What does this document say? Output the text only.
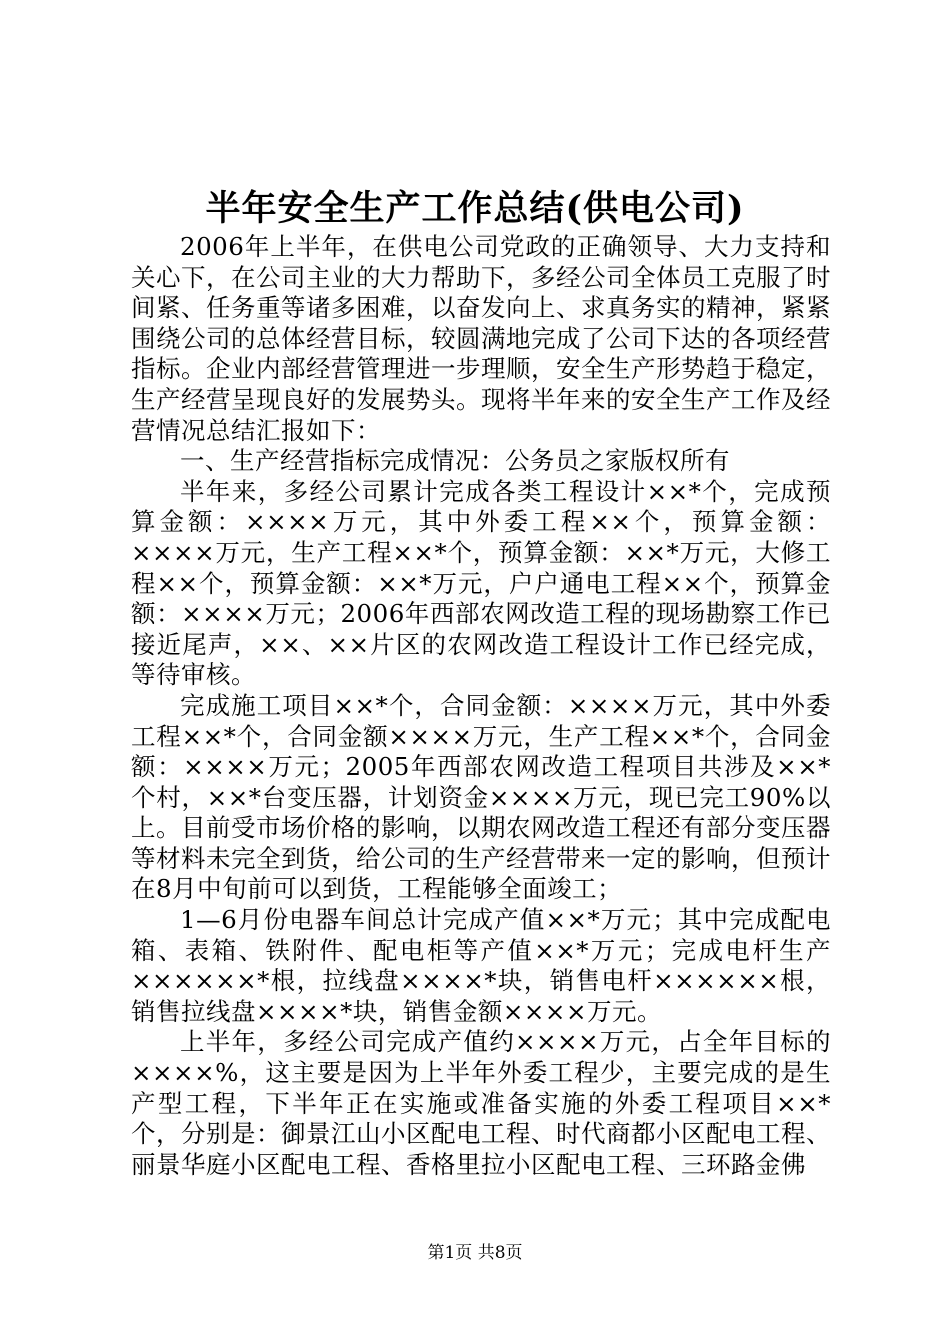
半年安全生产工作总结(供电公司)

2006年上半年，在供电公司党政的正确领导、大力支持和关心下，在公司主业的大力帮助下，多经公司全体员工克服了时间紧、任务重等诸多困难，以奋发向上、求真务实的精神，紧紧围绕公司的总体经营目标，较圆满地完成了公司下达的各项经营指标。企业内部经营管理进一步理顺，安全生产形势趋于稳定，生产经营呈现良好的发展势头。现将半年来的安全生产工作及经营情况总结汇报如下：

一、生产经营指标完成情况：公务员之家版权所有

半年来，多经公司累计完成各类工程设计××*个，完成预算金额：××××万元，其中外委工程××个，预算金额：××××万元，生产工程××*个，预算金额：××*万元，大修工程××个，预算金额：××*万元，户户通电工程××个，预算金额：××××万元；2006年西部农网改造工程的现场勘察工作已接近尾声，××、××片区的农网改造工程设计工作已经完成，等待审核。

完成施工项目××*个，合同金额：××××万元，其中外委工程××*个，合同金额××××万元，生产工程××*个，合同金额：××××万元；2005年西部农网改造工程项目共涉及××*个村，××*台变压器，计划资金××××万元，现已完工90%以上。目前受市场价格的影响，以期农网改造工程还有部分变压器等材料未完全到货，给公司的生产经营带来一定的影响，但预计在8月中旬前可以到货，工程能够全面竣工；

1—6月份电器车间总计完成产值××*万元；其中完成配电箱、表箱、铁附件、配电柜等产值××*万元；完成电杆生产××××××*根，拉线盘××××*块，销售电杆××××××根，销售拉线盘××××*块，销售金额××××万元。

上半年，多经公司完成产值约××××万元，占全年目标的××××%，这主要是因为上半年外委工程少，主要完成的是生产型工程，下半年正在实施或准备实施的外委工程项目××*个，分别是：御景江山小区配电工程、时代商都小区配电工程、丽景华庭小区配电工程、香格里拉小区配电工程、三环路金佛

第1页 共8页
